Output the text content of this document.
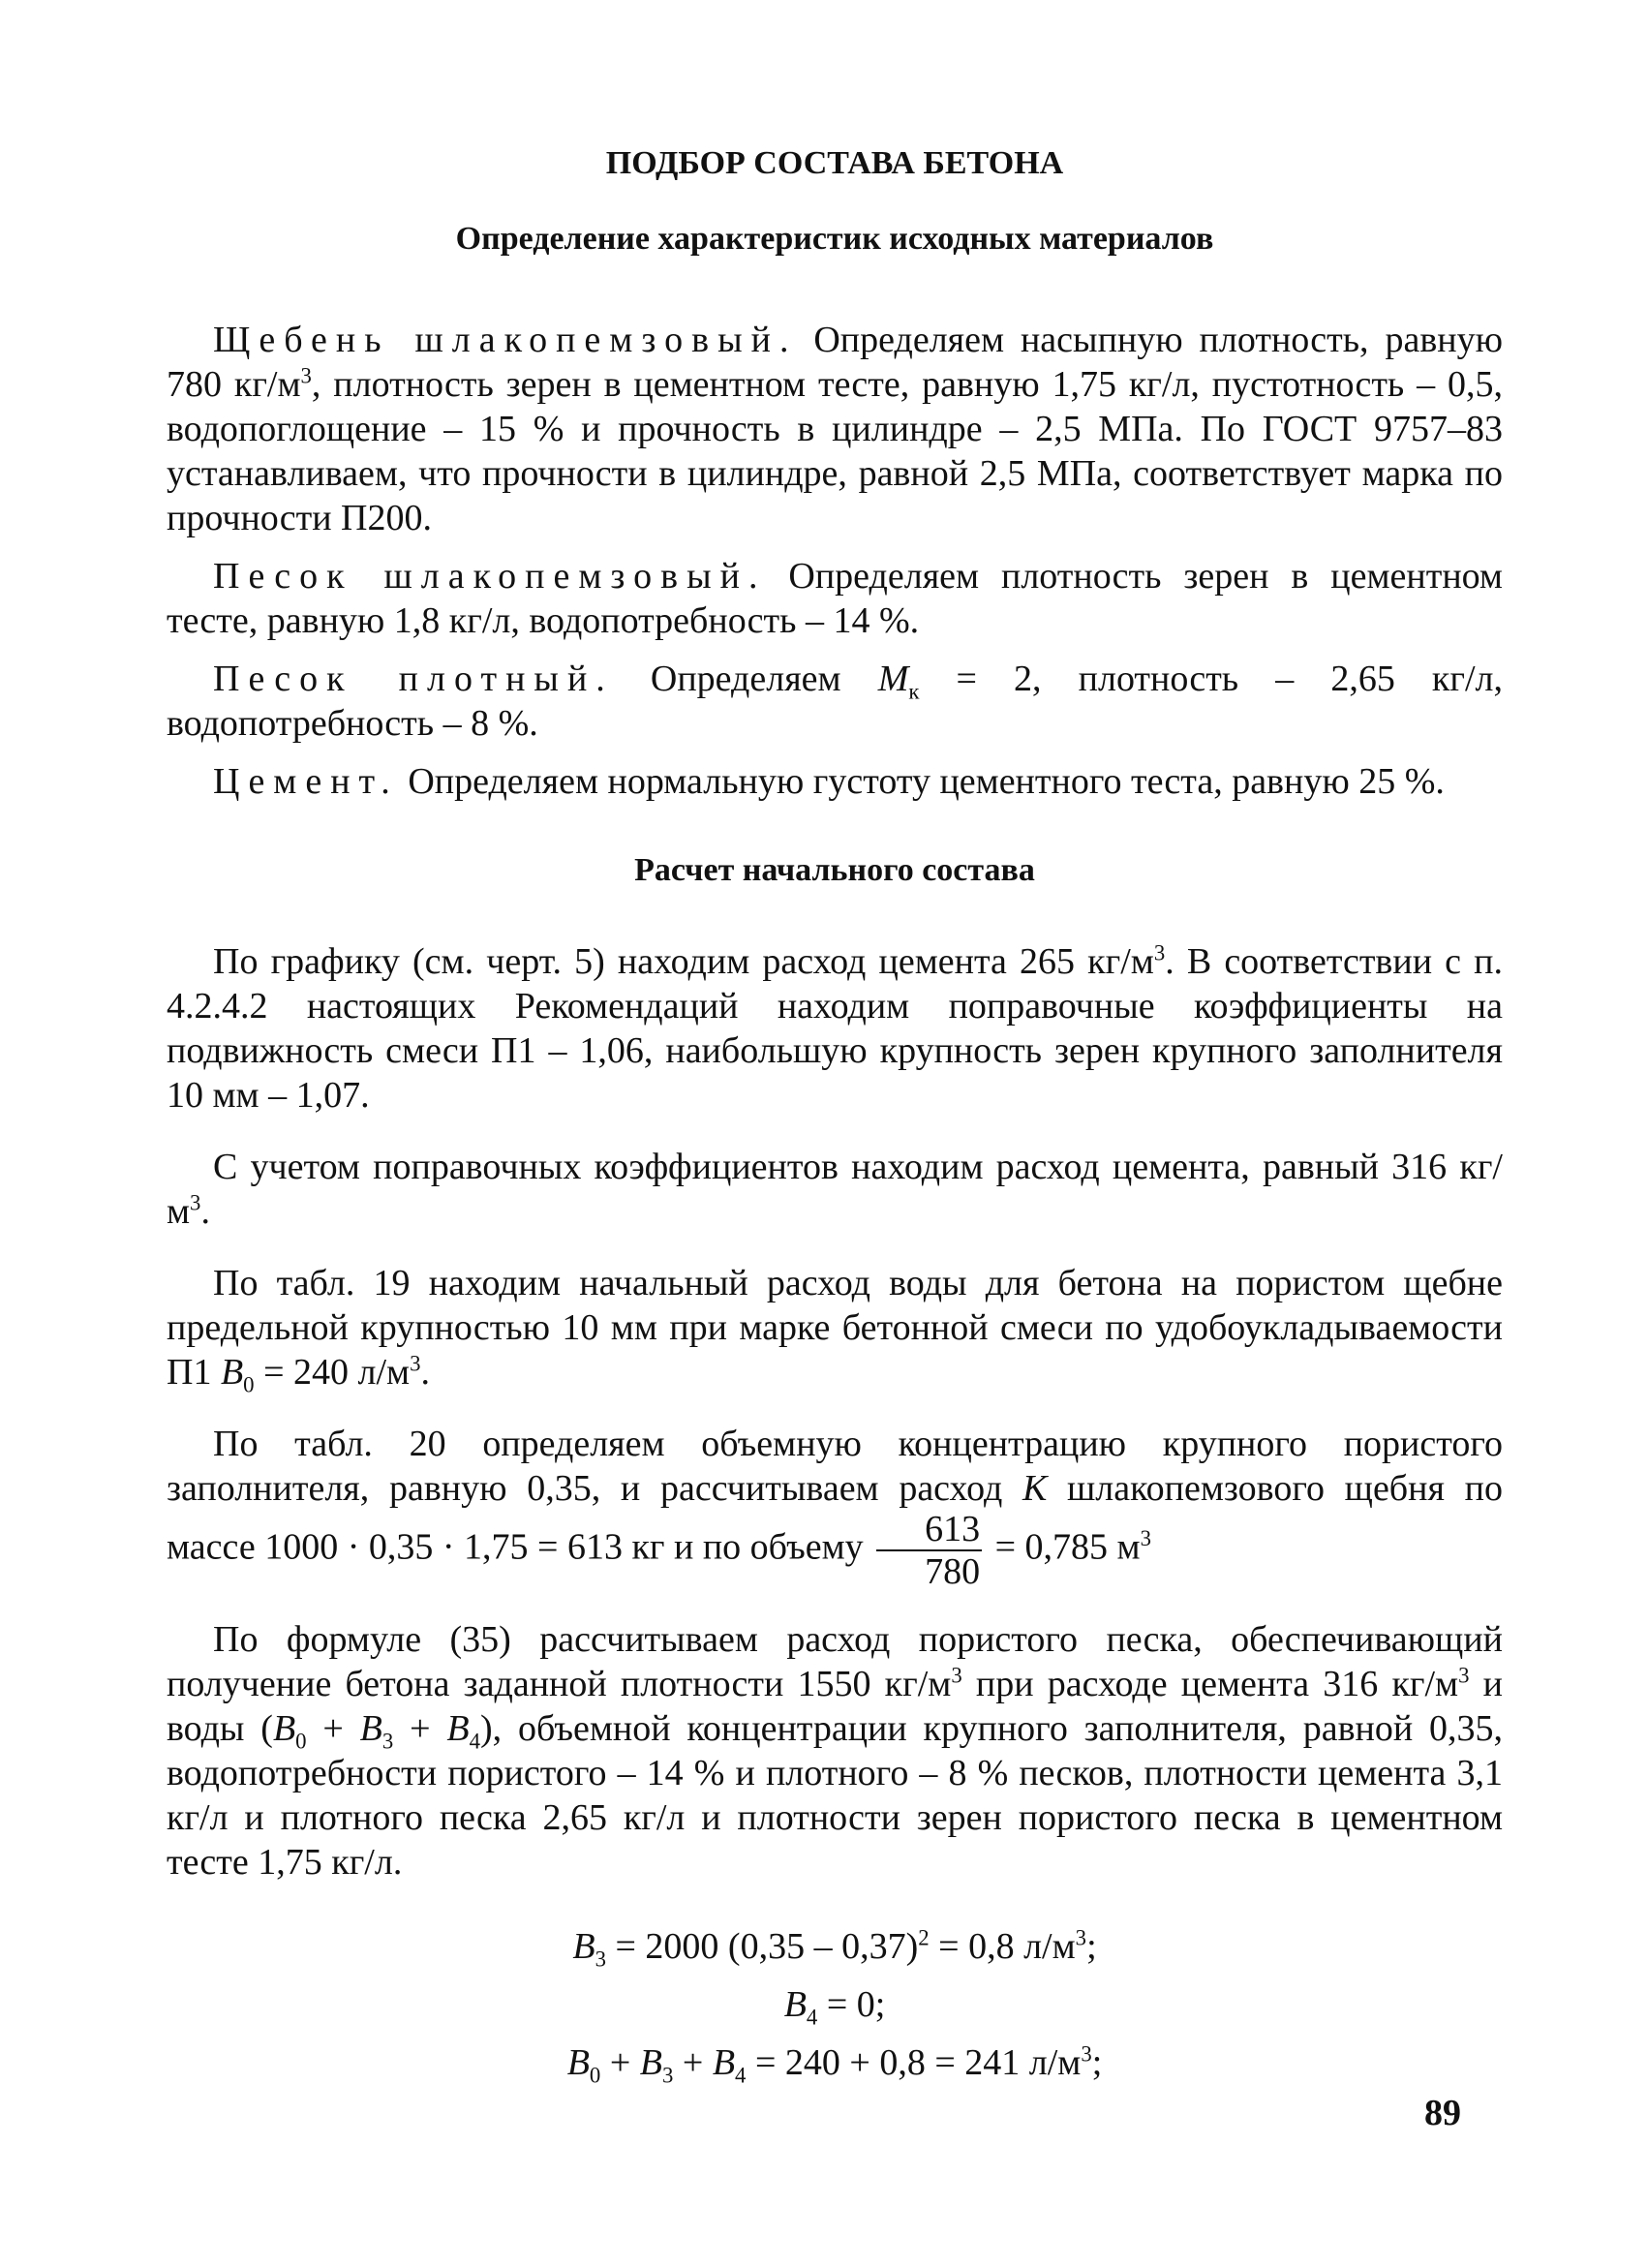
ПОДБОР СОСТАВА БЕТОНА
Определение характеристик исходных материалов

Щебень шлакопемзовый. Определяем насыпную плотность, равную 780 $кг/м^3$, плотность зерен в цементном тесте, равную 1,75 кг/л, пустотность – 0,5, водопоглощение – 15 % и прочность в цилиндре – 2,5 МПа. По ГОСТ 9757–83 устанавливаем, что прочности в цилиндре, равной 2,5 МПа, соответствует марка по прочности П200.

Песок шлакопемзовый. Определяем плотность зерен в цементном тесте, равную 1,8 кг/л, водопотребность – 14 %.

Песок плотный. Определяем $М_к = 2$, плотность – 2,65 кг/л, водопотребность – 8 %.

Цемент. Определяем нормальную густоту цементного теста, равную 25 %.

Расчет начального состава

По графику (см. черт. 5) находим расход цемента 265 $кг/м^3$. В соответствии с п. 4.2.4.2 настоящих Рекомендаций находим поправочные коэффициенты на подвижность смеси П1 – 1,06, наибольшую крупность зерен крупного заполнителя 10 мм – 1,07.

С учетом поправочных коэффициентов находим расход цемента, равный 316 $кг/м^3$.

По табл. 19 находим начальный расход воды для бетона на пористом щебне предельной крупностью 10 мм при марке бетонной смеси по удобоукладываемости П1 $В_0 = 240$ $л/м^3$.

По табл. 20 определяем объемную концентрацию крупного пористого заполнителя, равную 0,35, и рассчитываем расход К шлакопемзового щебня по массе 1000 · 0,35 · 1,75 = 613 кг и по объему $\frac{613}{780} = 0,785$ $м^3$

По формуле (35) рассчитываем расход пористого песка, обеспечивающий получение бетона заданной плотности 1550 $кг/м^3$ при расходе цемента 316 $кг/м^3$ и воды $(В_0 + В_3 + В_4)$, объемной концентрации крупного заполнителя, равной 0,35, водопотребности пористого – 14 % и плотного – 8 % песков, плотности цемента 3,1 кг/л и плотного песка 2,65 кг/л и плотности зерен пористого песка в цементном тесте 1,75 кг/л.

$В_3 = 2000$ (0,35 – 0,37)$^2$ = 0,8 $л/м^3$;
$В_4 = 0$;
$В_0 + В_3 + В_4 = 240 + 0,8 = 241$ $л/м^3$;
89
